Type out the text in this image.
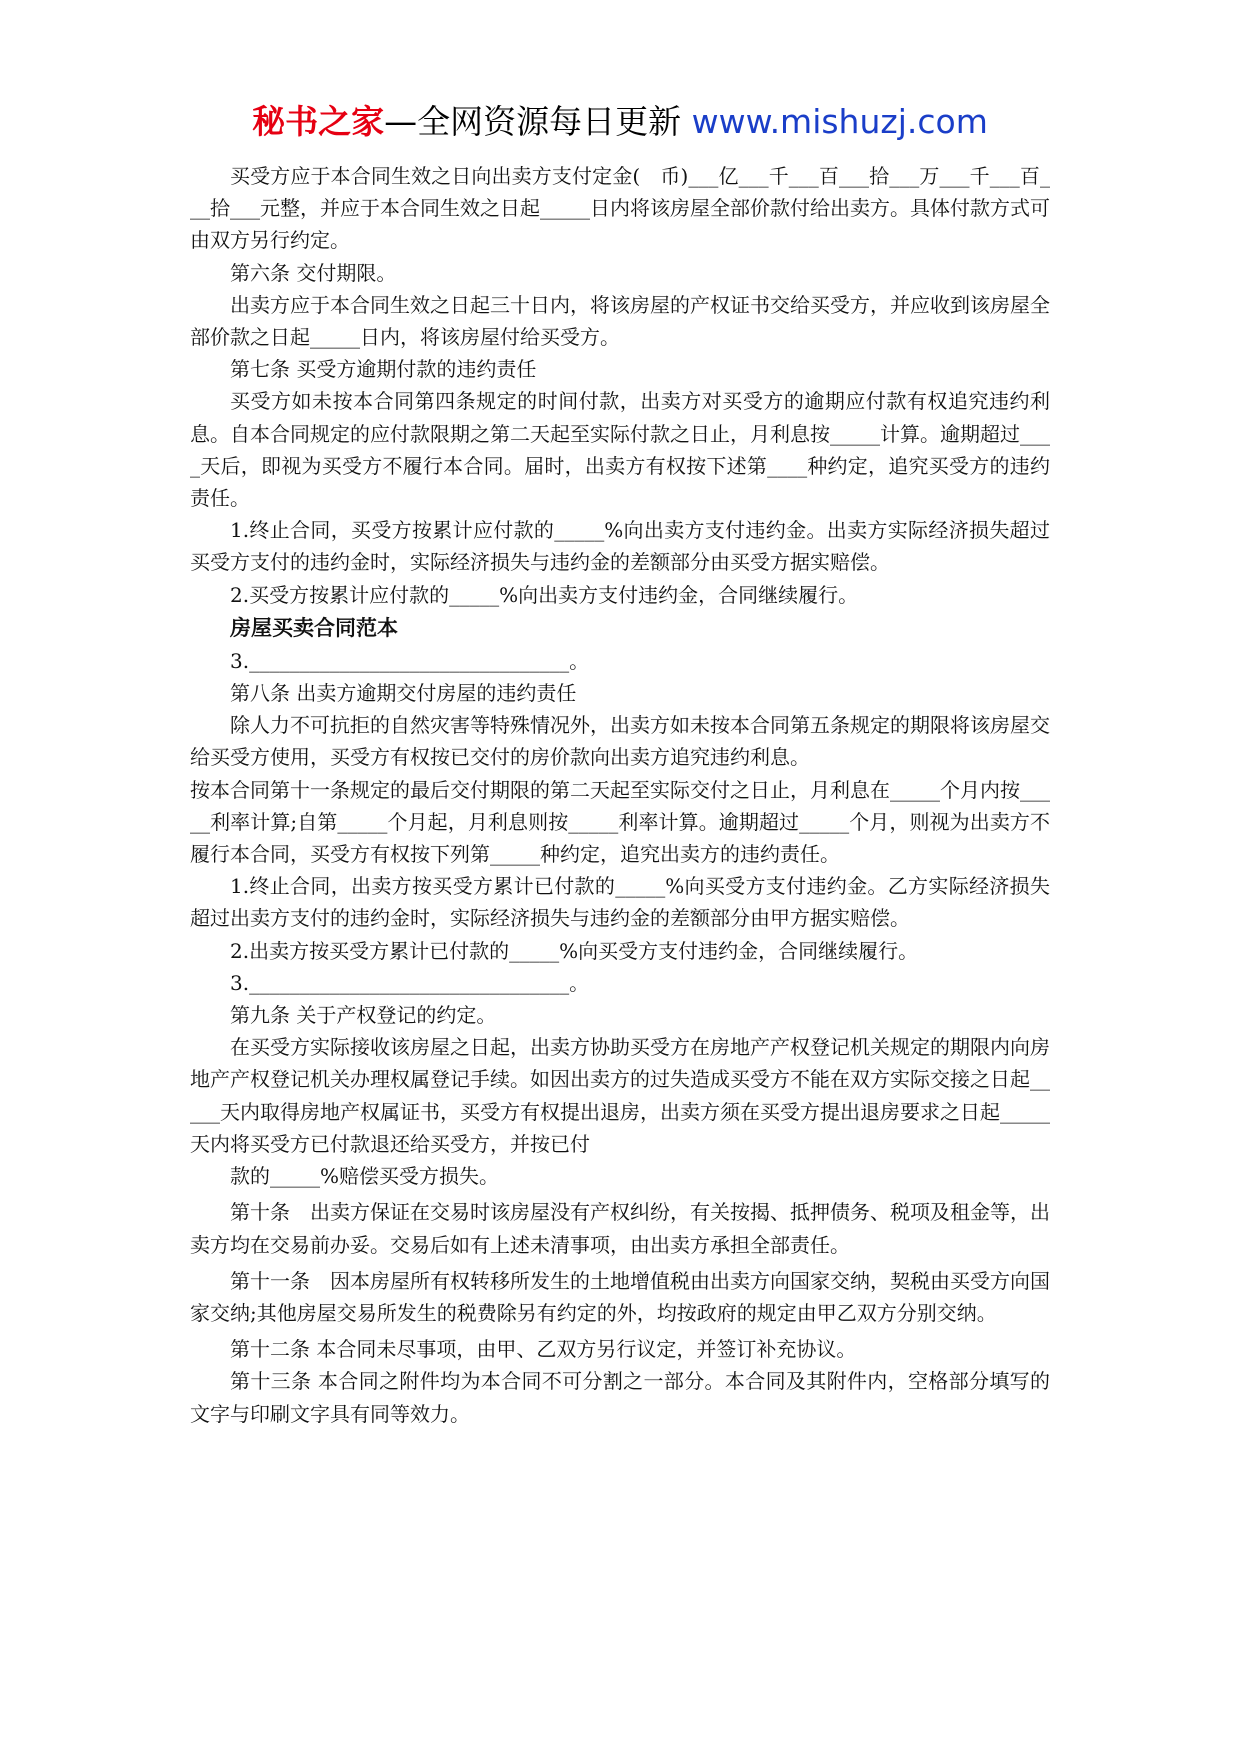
秘书之家—全网资源每日更新 www.mishuzj.com

买受方应于本合同生效之日向出卖方支付定金(　币)___亿___千___百___拾___万___千___百___拾___元整，并应于本合同生效之日起_____日内将该房屋全部价款付给出卖方。具体付款方式可由双方另行约定。

第六条 交付期限。

出卖方应于本合同生效之日起三十日内，将该房屋的产权证书交给买受方，并应收到该房屋全部价款之日起_____日内，将该房屋付给买受方。

第七条 买受方逾期付款的违约责任

买受方如未按本合同第四条规定的时间付款，出卖方对买受方的逾期应付款有权追究违约利息。自本合同规定的应付款限期之第二天起至实际付款之日止，月利息按_____计算。逾期超过____天后，即视为买受方不履行本合同。届时，出卖方有权按下述第____种约定，追究买受方的违约责任。

1.终止合同，买受方按累计应付款的_____%向出卖方支付违约金。出卖方实际经济损失超过买受方支付的违约金时，实际经济损失与违约金的差额部分由买受方据实赔偿。

2.买受方按累计应付款的_____%向出卖方支付违约金，合同继续履行。

房屋买卖合同范本

3.________________________________。

第八条 出卖方逾期交付房屋的违约责任

除人力不可抗拒的自然灾害等特殊情况外，出卖方如未按本合同第五条规定的期限将该房屋交给买受方使用，买受方有权按已交付的房价款向出卖方追究违约利息。

按本合同第十一条规定的最后交付期限的第二天起至实际交付之日止，月利息在_____个月内按_____利率计算;自第_____个月起，月利息则按_____利率计算。逾期超过_____个月，则视为出卖方不履行本合同，买受方有权按下列第_____种约定，追究出卖方的违约责任。

1.终止合同，出卖方按买受方累计已付款的_____%向买受方支付违约金。乙方实际经济损失超过出卖方支付的违约金时，实际经济损失与违约金的差额部分由甲方据实赔偿。

2.出卖方按买受方累计已付款的_____%向买受方支付违约金，合同继续履行。

3.________________________________。

第九条 关于产权登记的约定。

在买受方实际接收该房屋之日起，出卖方协助买受方在房地产产权登记机关规定的期限内向房地产产权登记机关办理权属登记手续。如因出卖方的过失造成买受方不能在双方实际交接之日起_____天内取得房地产权属证书，买受方有权提出退房，出卖方须在买受方提出退房要求之日起_____天内将买受方已付款退还给买受方，并按已付

款的_____%赔偿买受方损失。

第十条　出卖方保证在交易时该房屋没有产权纠纷，有关按揭、抵押债务、税项及租金等，出卖方均在交易前办妥。交易后如有上述未清事项，由出卖方承担全部责任。

第十一条　因本房屋所有权转移所发生的土地增值税由出卖方向国家交纳，契税由买受方向国家交纳;其他房屋交易所发生的税费除另有约定的外，均按政府的规定由甲乙双方分别交纳。

第十二条 本合同未尽事项，由甲、乙双方另行议定，并签订补充协议。

第十三条 本合同之附件均为本合同不可分割之一部分。本合同及其附件内，空格部分填写的文字与印刷文字具有同等效力。
